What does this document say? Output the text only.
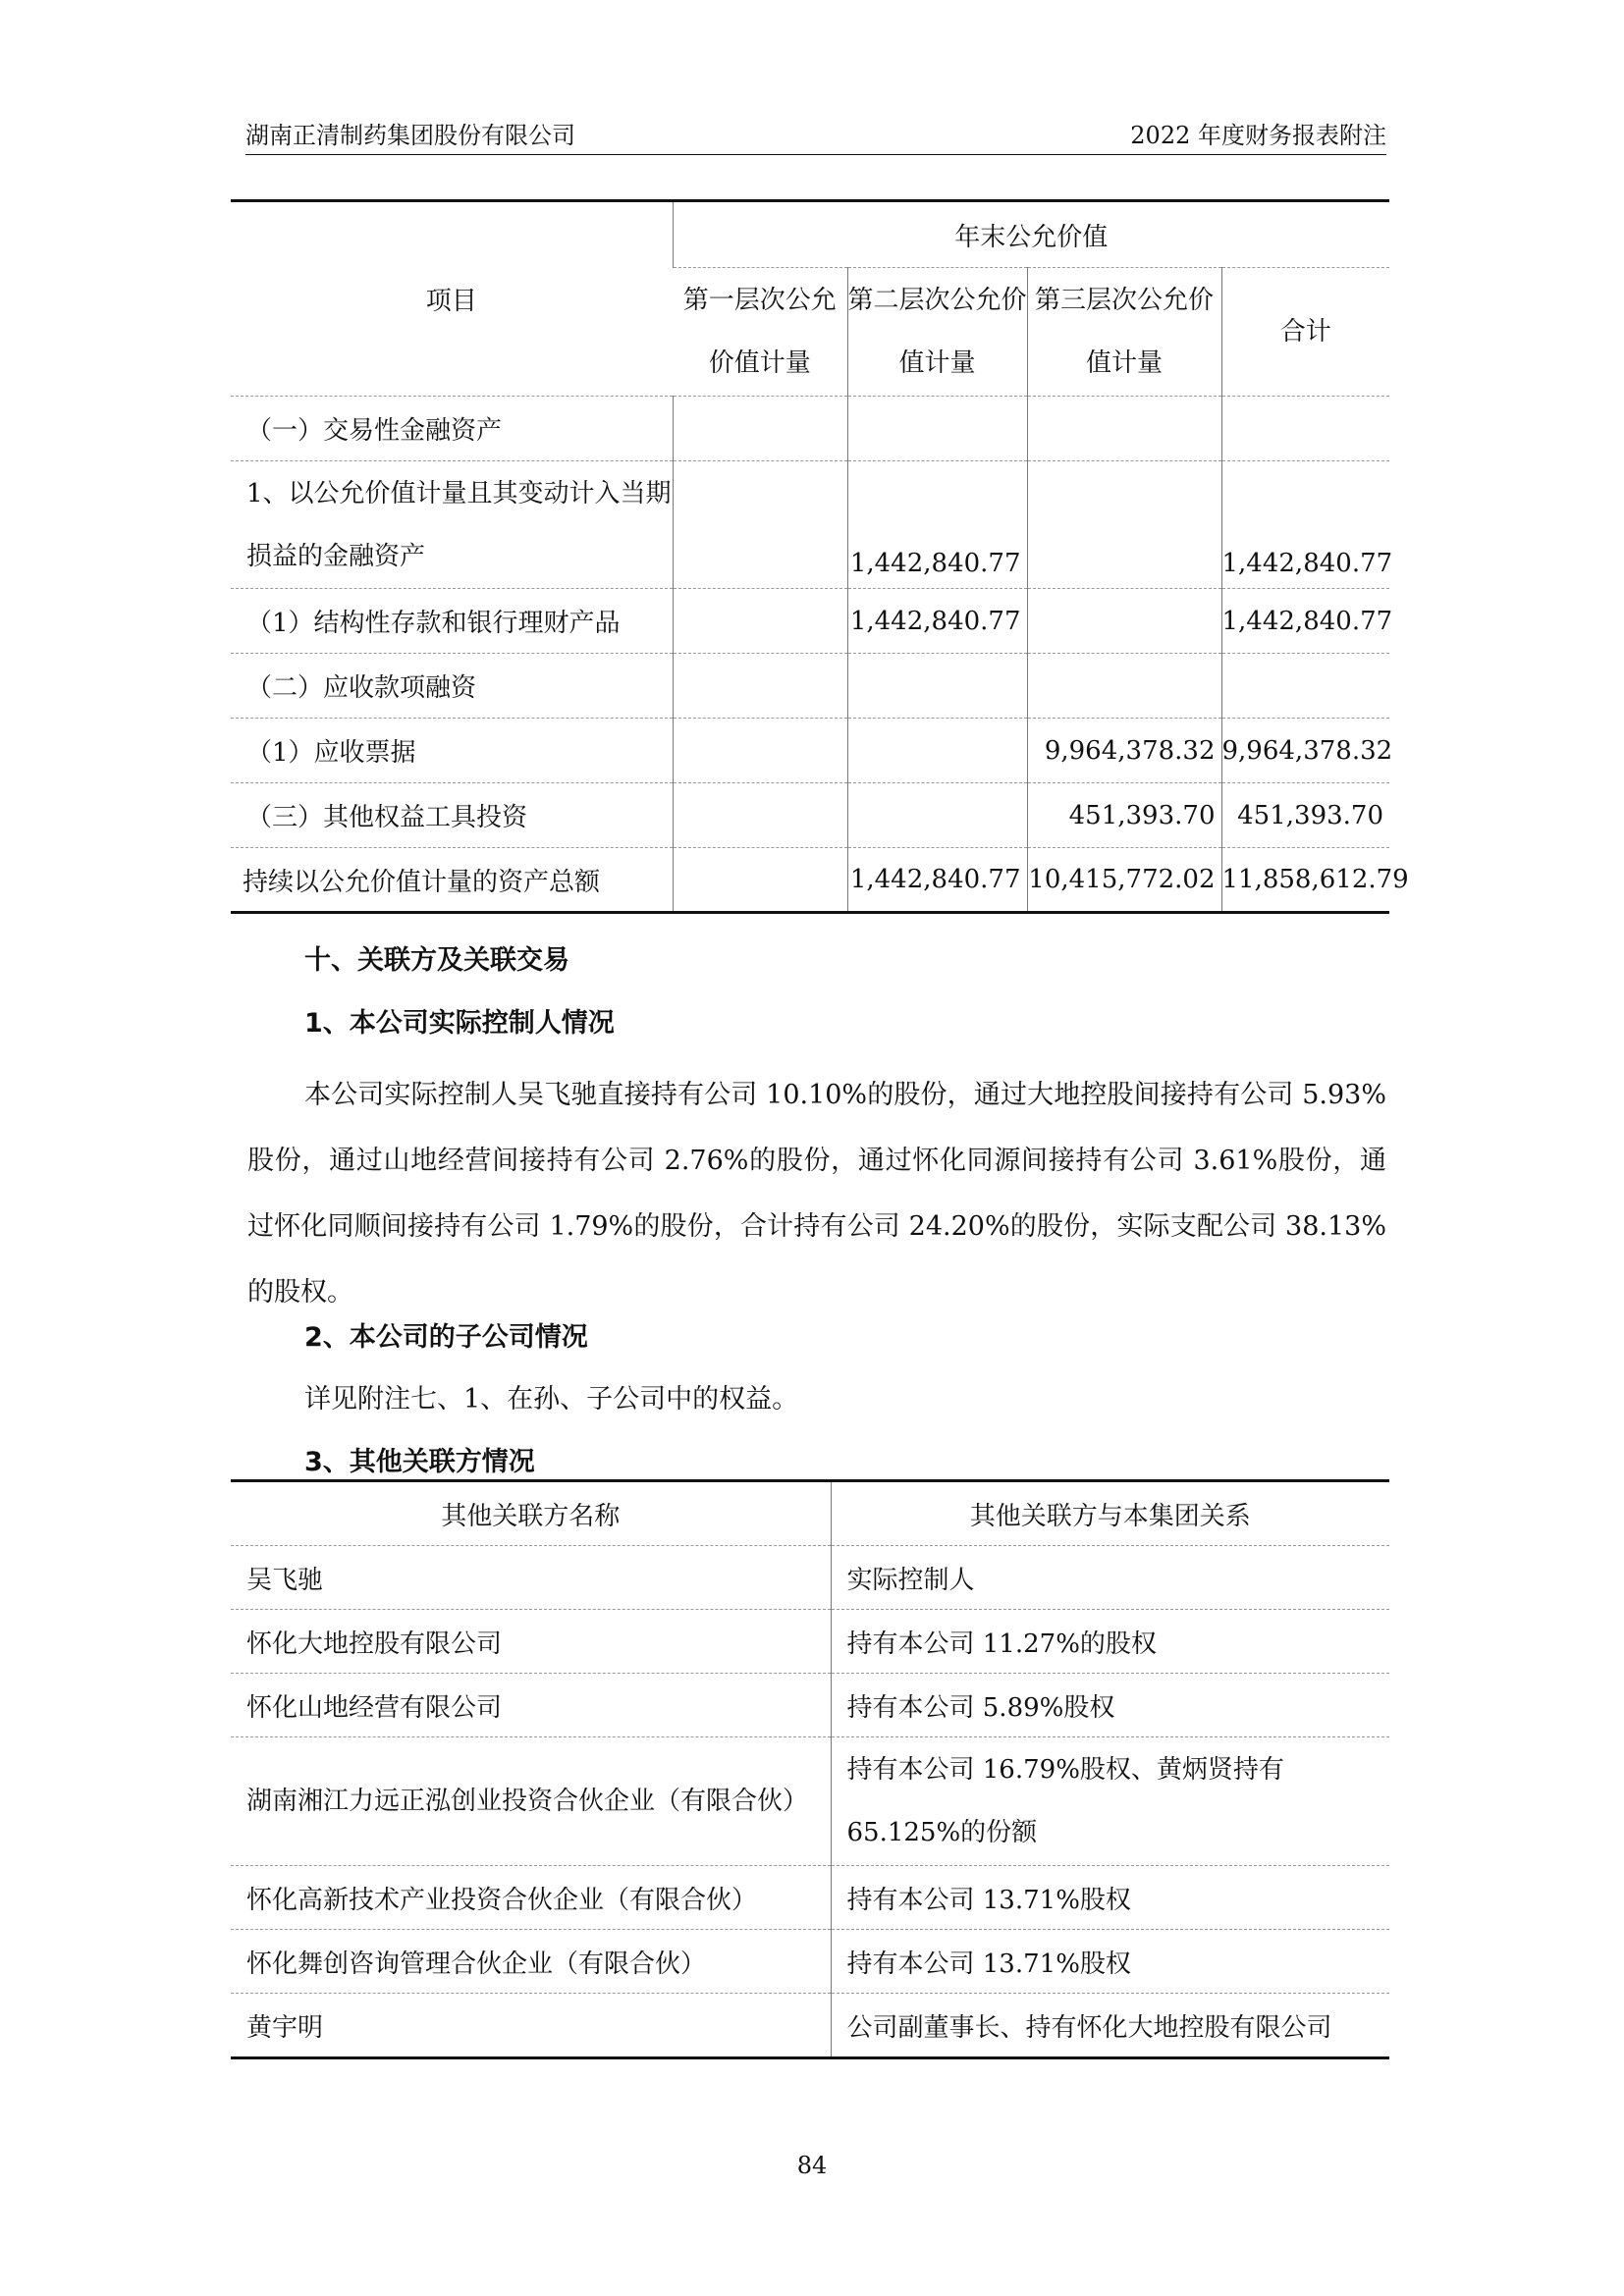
湖南正清制药集团股份有限公司	2022 年度财务报表附注
项目	年末公允价值			
	第一层次公允价值计量	第二层次公允价值计量	第三层次公允价值计量	合计
（一）交易性金融资产				
1、以公允价值计量且其变动计入当期损益的金融资产		1,442,840.77		1,442,840.77
（1）结构性存款和银行理财产品		1,442,840.77		1,442,840.77
（二）应收款项融资				
（1）应收票据			9,964,378.32	9,964,378.32
（三）其他权益工具投资			451,393.70	451,393.70
持续以公允价值计量的资产总额		1,442,840.77	10,415,772.02	11,858,612.79
十、关联方及关联交易
1、本公司实际控制人情况
本公司实际控制人吴飞驰直接持有公司 10.10%的股份，通过大地控股间接持有公司 5.93%股份，通过山地经营间接持有公司 2.76%的股份，通过怀化同源间接持有公司 3.61%股份，通过怀化同顺间接持有公司 1.79%的股份，合计持有公司 24.20%的股份，实际支配公司 38.13%的股权。
2、本公司的子公司情况
详见附注七、1、在孙、子公司中的权益。
3、其他关联方情况
其他关联方名称	其他关联方与本集团关系
吴飞驰	实际控制人
怀化大地控股有限公司	持有本公司 11.27%的股权
怀化山地经营有限公司	持有本公司 5.89%股权
湖南湘江力远正泓创业投资合伙企业（有限合伙）	持有本公司 16.79%股权、黄炳贤持有 65.125%的份额
怀化高新技术产业投资合伙企业（有限合伙）	持有本公司 13.71%股权
怀化舞创咨询管理合伙企业（有限合伙）	持有本公司 13.71%股权
黄宇明	公司副董事长、持有怀化大地控股有限公司
84
